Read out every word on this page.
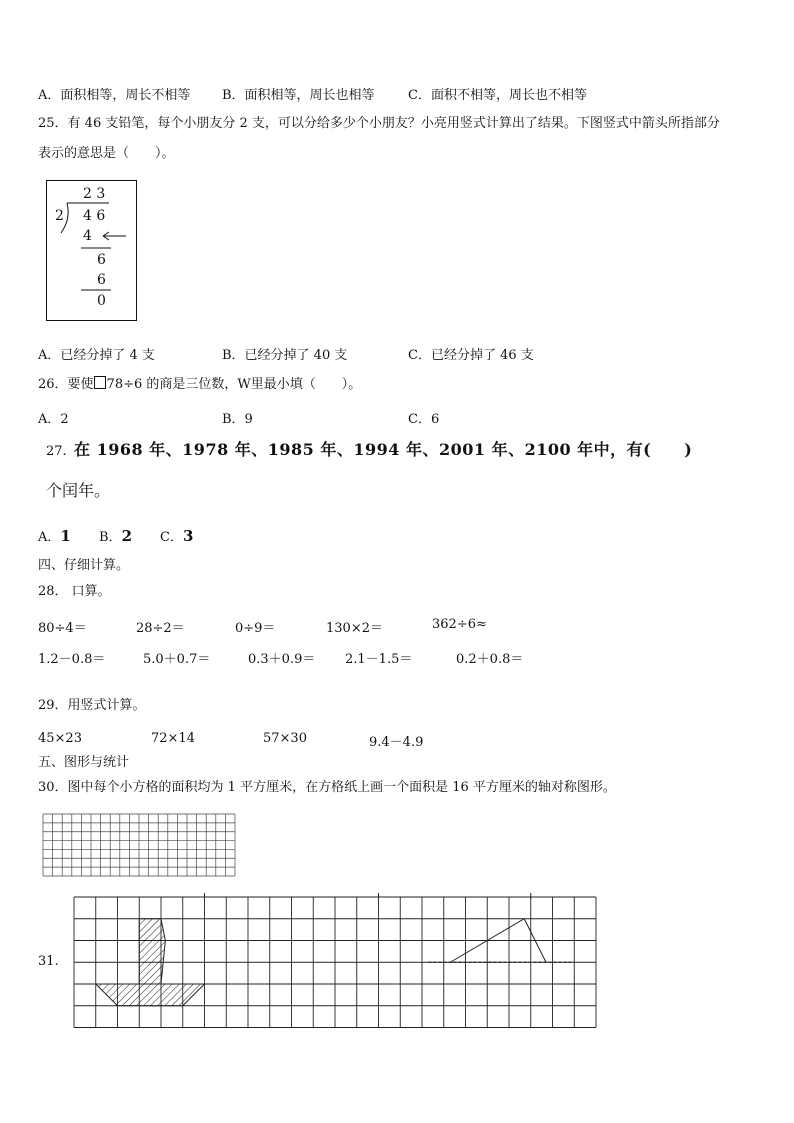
A．面积相等，周长不相等 B．面积相等，周长也相等	C．面积不相等，周长也不相等
25．有 46 支铅笔，每个小朋友分 2 支，可以分给多少个小朋友？小亮用竖式计算出了结果。下图竖式中箭头所指部分
表示的意思是（　　）。
2 3
2 4 6
4
6
6
0
A．已经分掉了 4 支	B．已经分掉了 40 支	C．已经分掉了 46 支
26．要使 78÷6 的商是三位数，W里最小填（　　）。
A．2	B．9	C．6
27. 在 1968 年、1978 年、1985 年、1994 年、2001 年、2100 年中，有(　　)
个闰年。
A．1 B．2 C．3
四、仔细计算。
28． 口算。
80÷4＝	28÷2＝	0÷9＝	130×2＝	362÷6≈
1.2－0.8＝	5.0＋0.7＝	0.3＋0.9＝ 2.1－1.5＝	0.2＋0.8＝
29．用竖式计算。
45×23	72×14	57×30	9.4－4.9
五、图形与统计
30．图中每个小方格的面积均为 1 平方厘米，在方格纸上画一个面积是 16 平方厘米的轴对称图形。
31.
